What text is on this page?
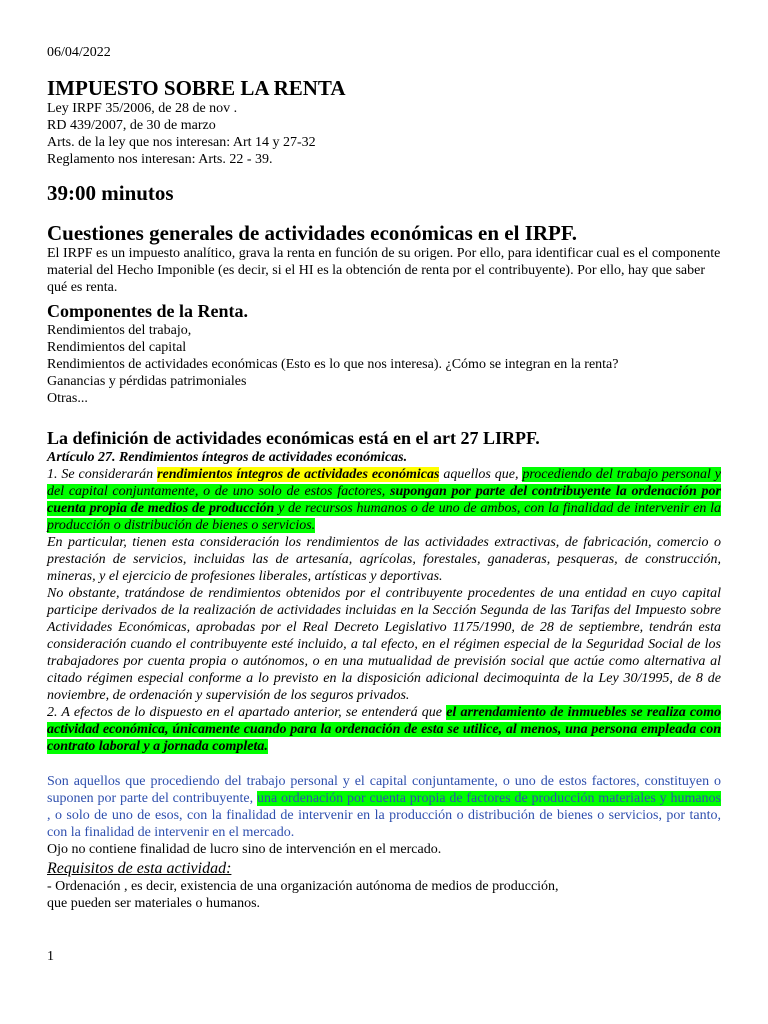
06/04/2022

IMPUESTO SOBRE LA RENTA

Ley IRPF 35/2006, de 28 de nov .

RD 439/2007, de 30 de marzo

Arts. de la ley que nos interesan: Art 14 y 27-32

Reglamento nos interesan: Arts. 22 - 39.

39:00 minutos

Cuestiones generales de actividades económicas en el IRPF.

El IRPF es un impuesto analítico, grava la renta en función de su origen. Por ello, para identificar cual es el componente material del Hecho Imponible (es decir, si el HI es la obtención de renta por el contribuyente). Por ello, hay que saber qué es renta.

Componentes de la Renta.

Rendimientos del trabajo,

Rendimientos del capital

Rendimientos de actividades económicas (Esto es lo que nos interesa). ¿Cómo se integran en la renta?

Ganancias y pérdidas patrimoniales

Otras...

La definición de actividades económicas está en el art 27 LIRPF.

Artículo 27. Rendimientos íntegros de actividades económicas.

1. Se considerarán rendimientos íntegros de actividades económicas aquellos que, procediendo del trabajo personal y del capital conjuntamente, o de uno solo de estos factores, supongan por parte del contribuyente la ordenación por cuenta propia de medios de producción y de recursos humanos o de uno de ambos, con la finalidad de intervenir en la producción o distribución de bienes o servicios.

En particular, tienen esta consideración los rendimientos de las actividades extractivas, de fabricación, comercio o prestación de servicios, incluidas las de artesanía, agrícolas, forestales, ganaderas, pesqueras, de construcción, mineras, y el ejercicio de profesiones liberales, artísticas y deportivas.

No obstante, tratándose de rendimientos obtenidos por el contribuyente procedentes de una entidad en cuyo capital participe derivados de la realización de actividades incluidas en la Sección Segunda de las Tarifas del Impuesto sobre Actividades Económicas, aprobadas por el Real Decreto Legislativo 1175/1990, de 28 de septiembre, tendrán esta consideración cuando el contribuyente esté incluido, a tal efecto, en el régimen especial de la Seguridad Social de los trabajadores por cuenta propia o autónomos, o en una mutualidad de previsión social que actúe como alternativa al citado régimen especial conforme a lo previsto en la disposición adicional decimoquinta de la Ley 30/1995, de 8 de noviembre, de ordenación y supervisión de los seguros privados.

2. A efectos de lo dispuesto en el apartado anterior, se entenderá que el arrendamiento de inmuebles se realiza como actividad económica, únicamente cuando para la ordenación de esta se utilice, al menos, una persona empleada con contrato laboral y a jornada completa.

Son aquellos que procediendo del trabajo personal y el capital conjuntamente, o uno de estos factores, constituyen o suponen por parte del contribuyente, una ordenación por cuenta propia de factores de producción materiales y humanos , o solo de uno de esos, con la finalidad de intervenir en la producción o distribución de bienes o servicios, por tanto, con la finalidad de intervenir en el mercado.

Ojo no contiene finalidad de lucro sino de intervención en el mercado.

Requisitos de esta actividad:

- Ordenación , es decir, existencia de una organización autónoma de medios de producción,

que pueden ser materiales o humanos.

1
